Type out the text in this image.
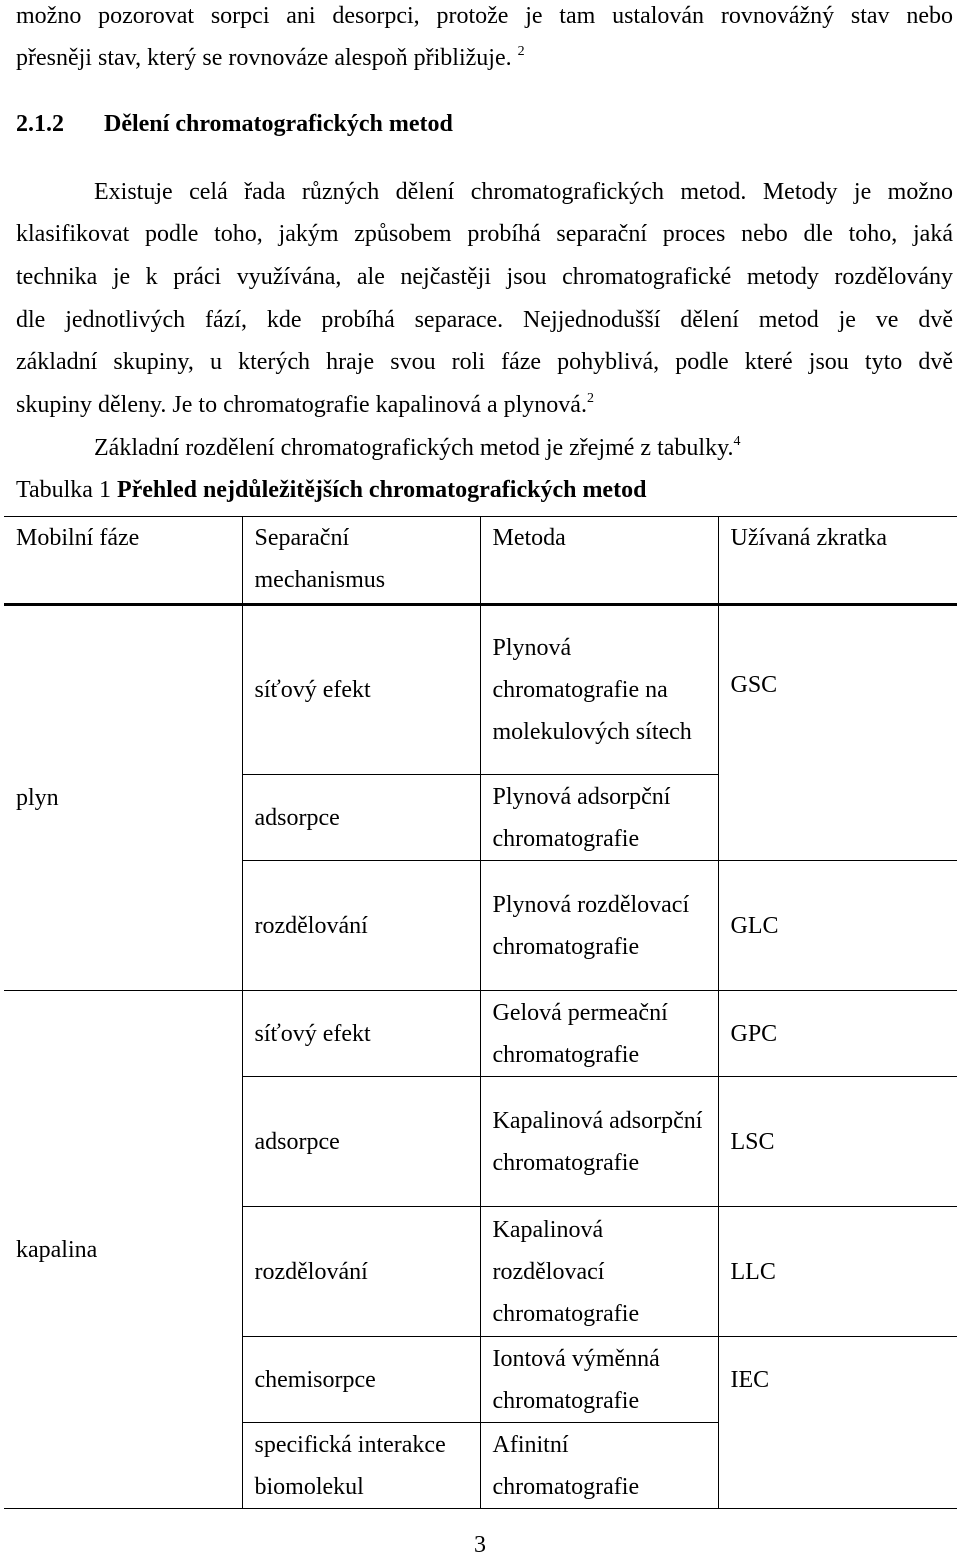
možno pozorovat sorpci ani desorpci, protože je tam ustalován rovnovážný stav nebo
přesněji stav, který se rovnováze alespoň přibližuje. $^2$
2.1.2 Dělení chromatografických metod
Existuje celá řada různých dělení chromatografických metod. Metody je možno
klasifikovat podle toho, jakým způsobem probíhá separační proces nebo dle toho, jaká
technika je k práci využívána, ale nejčastěji jsou chromatografické metody rozdělovány
dle jednotlivých fází, kde probíhá separace. Nejjednodušší dělení metod je ve dvě
základní skupiny, u kterých hraje svou roli fáze pohyblivá, podle které jsou tyto dvě
skupiny děleny. Je to chromatografie kapalinová a plynová.$^2$
Základní rozdělení chromatografických metod je zřejmé z tabulky.$^4$
Tabulka 1 Přehled nejdůležitějších chromatografických metod
Mobilní fáze	Separační mechanismus	Metoda	Užívaná zkratka
plyn	síťový efekt	Plynová chromatografie na molekulových sítech	GSC
	adsorpce	Plynová adsorpční chromatografie	
	rozdělování	Plynová rozdělovací chromatografie	GLC
kapalina	síťový efekt	Gelová permeační chromatografie	GPC
	adsorpce	Kapalinová adsorpční chromatografie	LSC
	rozdělování	Kapalinová rozdělovací chromatografie	LLC
	chemisorpce	Iontová výměnná chromatografie	IEC
	specifická interakce biomolekul	Afinitní chromatografie	
3
